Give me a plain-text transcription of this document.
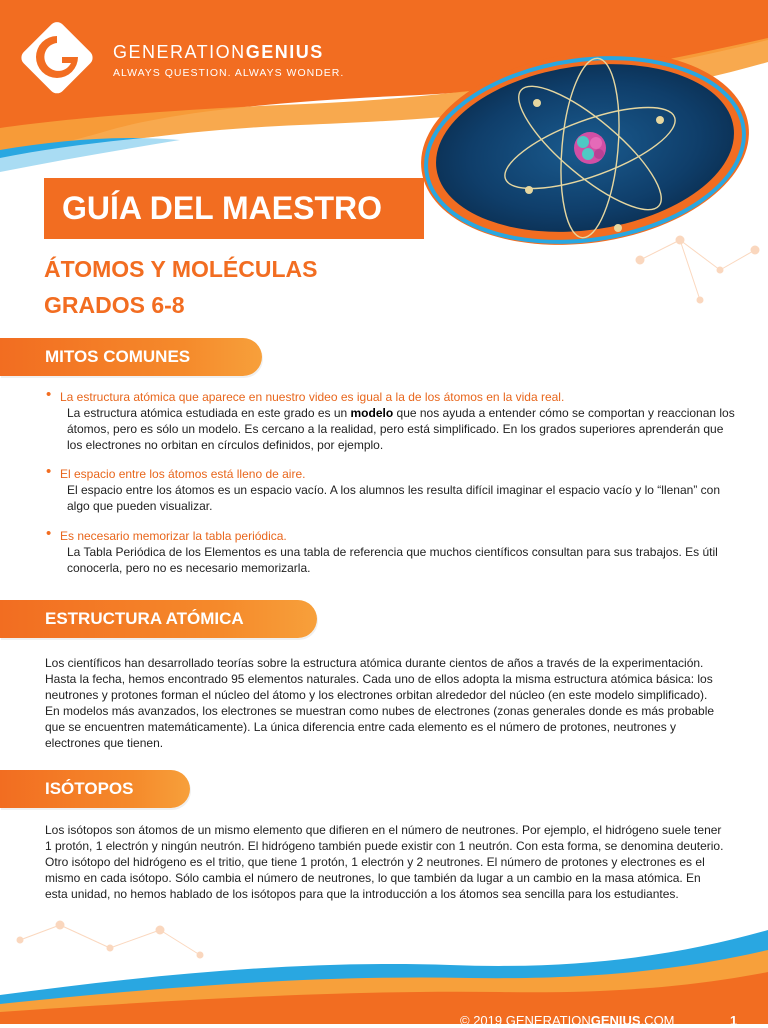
GENERATIONGENIUS
ALWAYS QUESTION. ALWAYS WONDER.
GUÍA DEL MAESTRO
ÁTOMOS Y MOLÉCULAS
GRADOS 6-8
MITOS COMUNES
• La estructura atómica que aparece en nuestro video es igual a la de los átomos en la vida real.
La estructura atómica estudiada en este grado es un modelo que nos ayuda a entender cómo se comportan y reaccionan los átomos, pero es sólo un modelo. Es cercano a la realidad, pero está simplificado. En los grados superiores aprenderán que los electrones no orbitan en círculos definidos, por ejemplo.
• El espacio entre los átomos está lleno de aire.
El espacio entre los átomos es un espacio vacío. A los alumnos les resulta difícil imaginar el espacio vacío y lo “llenan” con algo que pueden visualizar.
• Es necesario memorizar la tabla periódica.
La Tabla Periódica de los Elementos es una tabla de referencia que muchos científicos consultan para sus trabajos. Es útil conocerla, pero no es necesario memorizarla.
ESTRUCTURA ATÓMICA
Los científicos han desarrollado teorías sobre la estructura atómica durante cientos de años a través de la experimentación. Hasta la fecha, hemos encontrado 95 elementos naturales. Cada uno de ellos adopta la misma estructura atómica básica: los neutrones y protones forman el núcleo del átomo y los electrones orbitan alrededor del núcleo (en este modelo simplificado). En modelos más avanzados, los electrones se muestran como nubes de electrones (zonas generales donde es más probable que se encuentren matemáticamente). La única diferencia entre cada elemento es el número de protones, neutrones y electrones que tienen.
ISÓTOPOS
Los isótopos son átomos de un mismo elemento que difieren en el número de neutrones. Por ejemplo, el hidrógeno suele tener 1 protón, 1 electrón y ningún neutrón. El hidrógeno también puede existir con 1 neutrón. Con esta forma, se denomina deuterio. Otro isótopo del hidrógeno es el tritio, que tiene 1 protón, 1 electrón y 2 neutrones. El número de protones y electrones es el mismo en cada isótopo. Sólo cambia el número de neutrones, lo que también da lugar a un cambio en la masa atómica. En esta unidad, no hemos hablado de los isótopos para que la introducción a los átomos sea sencilla para los estudiantes.
© 2019 GENERATIONGENIUS.COM	1
